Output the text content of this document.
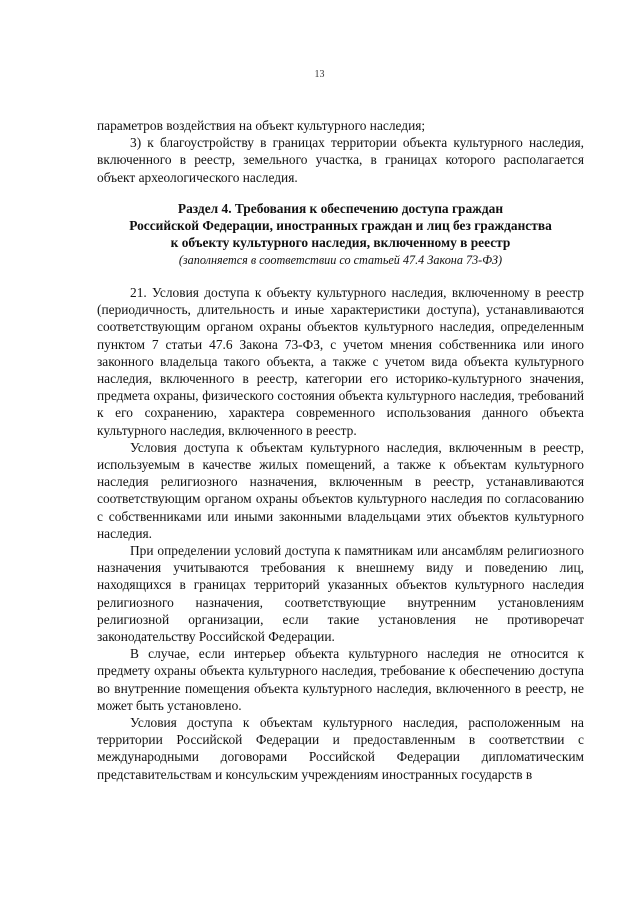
13

параметров воздействия на объект культурного наследия;

3) к благоустройству в границах территории объекта культурного наследия, включенного в реестр, земельного участка, в границах которого располагается объект археологического наследия.

Раздел 4. Требования к обеспечению доступа граждан

Российской Федерации, иностранных граждан и лиц без гражданства

к объекту культурного наследия, включенному в реестр

(заполняется в соответствии со статьей 47.4 Закона 73-ФЗ)

21. Условия доступа к объекту культурного наследия, включенному в реестр (периодичность, длительность и иные характеристики доступа), устанавливаются соответствующим органом охраны объектов культурного наследия, определенным пунктом 7 статьи 47.6 Закона 73-ФЗ, с учетом мнения собственника или иного законного владельца такого объекта, а также с учетом вида объекта культурного наследия, включенного в реестр, категории его историко-культурного значения, предмета охраны, физического состояния объекта культурного наследия, требований к его сохранению, характера современного использования данного объекта культурного наследия, включенного в реестр.

Условия доступа к объектам культурного наследия, включенным в реестр, используемым в качестве жилых помещений, а также к объектам культурного наследия религиозного назначения, включенным в реестр, устанавливаются соответствующим органом охраны объектов культурного наследия по согласованию с собственниками или иными законными владельцами этих объектов культурного наследия.

При определении условий доступа к памятникам или ансамблям религиозного назначения учитываются требования к внешнему виду и поведению лиц, находящихся в границах территорий указанных объектов культурного наследия религиозного назначения, соответствующие внутренним установлениям религиозной организации, если такие установления не противоречат законодательству Российской Федерации.

В случае, если интерьер объекта культурного наследия не относится к предмету охраны объекта культурного наследия, требование к обеспечению доступа во внутренние помещения объекта культурного наследия, включенного в реестр, не может быть установлено.

Условия доступа к объектам культурного наследия, расположенным на территории Российской Федерации и предоставленным в соответствии с международными договорами Российской Федерации дипломатическим представительствам и консульским учреждениям иностранных государств в
